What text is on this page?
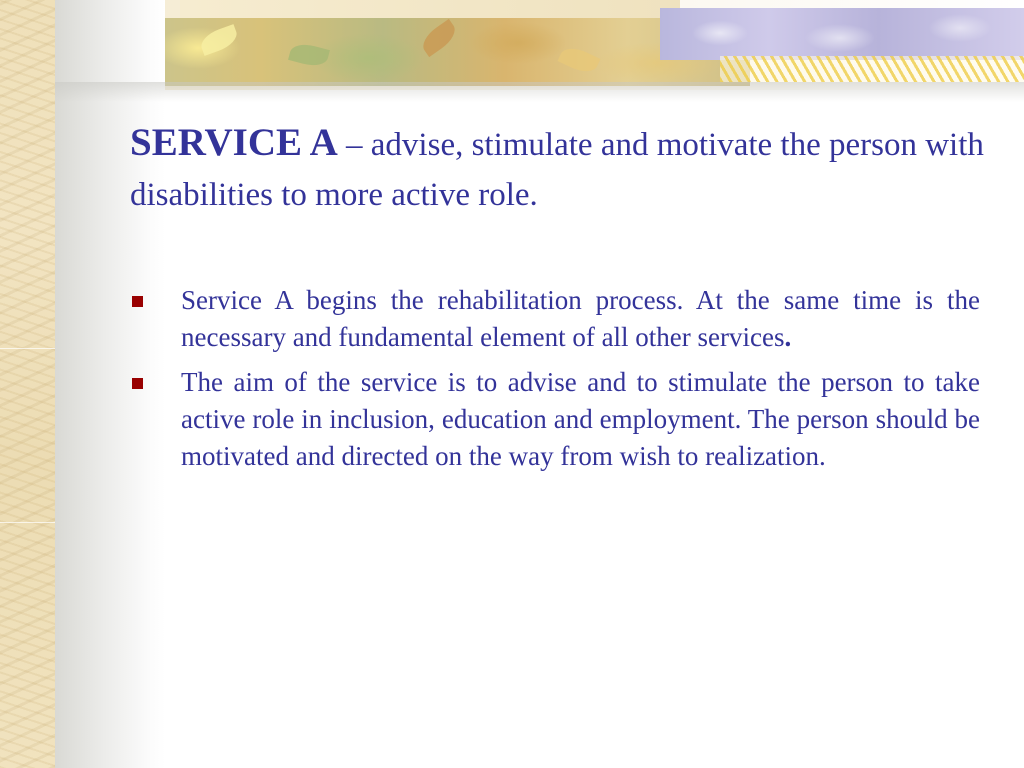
SERVICE A – advise, stimulate and motivate the person with disabilities to more active role.
Service A begins the rehabilitation process. At the same time is the necessary and fundamental element of all other services.
The aim of the service is to advise and to stimulate the person to take active role in inclusion, education and employment. The person should be motivated and directed on the way from wish to realization.
